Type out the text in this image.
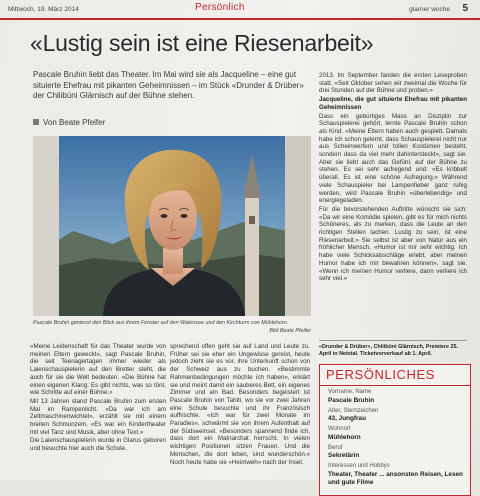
Mittwoch, 19. März 2014	Persönlich	glarner woche 5
«Lustig sein ist eine Riesenarbeit»

Pascale Bruhin liebt das Theater. Im Mai wird sie als Jacqueline – eine gut situierte Ehefrau mit pikanten Geheimnissen – im Stück «Drunder & Drüber» der Chliibüni Glärnisch auf der Bühne stehen.

Von Beate Pfeifer
Pascale Bruhin geniesst den Blick aus ihrem Fenster auf den Walensee und den Kirchturm von Mühlehorn.
Bild Beate Pfeifer

«Meine Leidenschaft für das Theater wurde von meinen Eltern geweckt», sagt Pascale Bruhin, die seit Teenagertagen immer wieder als Laienschauspielerin auf den Bretter steht, die auch für sie die Welt bedeuten. «Die Bühne hat einen eigenen Klang: Es gibt nichts, was so tönt, wie Schritte auf einer Bühne.»

Mit 13 Jahren stand Pascale Bruhin zum ersten Mal im Rampenlicht. «Da war ich am Zeltmaschinenwichtel», erzählt sie mit einem breiten Schmunzeln. «Es war ein Kindertheater mit viel Tanz und Musik, aber ohne Text.»

Die Laienschauspielerin wurde in Glarus geboren und besuchte hier auch die Schule.

sprechend offen geht sie auf Land und Leute zu. Früher sei sie eher ein Ungewisse gereist, heute jedoch zieht sie es vor, ihre Unterkunft schon von der Schweiz aus zu buchen. «Bestimmte Rahmenbedingungen möchte ich haben», erklärt sie und meint damit ein sauberes Bett, ein eigenes Zimmer und ein Bad. Besonders begeistert ist Pascale Bruhin von Tahiti, wo sie vor zwei Jahren eine Schule besuchte und ihr Französisch auffrischte. «Ich war für zwei Monate im Paradies», schwärmt sie von ihrem Aufenthalt auf der Südseeinsel. «Besonders spannend finde ich, dass dort ein Matriarchat herrscht. In vielen wichtigen Positionen sitzen Frauen. Und die Menschen, die dort leben, sind wunderschön.» Noch heute habe sie «Heimweh» nach der Insel.

2013. Im September fanden die ersten Leseproben statt. «Seit Oktober sehen wir zweimal die Woche für drei Stunden auf der Bühne und proben.»

Jacqueline, die gut situierte Ehefrau mit pikanten Geheimnissen

Dass ein gebürtiges Mass an Disziplin zur Schauspielerei gehört, lernte Pascale Bruhin schon als Kind. «Meine Eltern haben auch gespielt. Damals habe ich schon gelernt, dass Schauspielerei nicht nur aus Scheinwerfern und tollen Kostümen besteht, sondern dass da viel mehr dahintersteckt», sagt sie. Aber sie liebt auch das Gefühl, auf der Bühne zu stehen. Es sei sehr aufregend und: «Es kribbelt überall. Es ist eine schöne Aufregung.» Während viele Schauspieler bei Lampenfieber ganz ruhig werden, wird Pascale Bruhin «überlebendig» und energiegeladen.

Für die bevorstehenden Auftritte wünscht sie sich: «Da wir eine Komödie spielen, gibt es für mich nichts Schöneres, als zu merken, dass die Leute an den richtigen Stellen lachen. Lustig zu sein, ist eine Riesenarbeit.» Sie selbst ist aber von Natur aus ein fröhlicher Mensch. «Humor ist mir sehr wichtig. Ich habe viele Schicksalsschläge erlebt, aber meinen Humor habe ich mir bewahren können», sagt sie. «Wenn ich meinen Humor verliere, dann verliere ich sehr viel.»

«Drunder & Drüber», Chliibüni Glärnisch, Premiere 25. April in Netstal. Ticketvorverkauf ab 1. April.
PERSÖNLICHES
Vorname, Name
Pascale Bruhin
Alter, Sternzeichen
43, Jungfrau
Wohnort
Mühlehorn
Beruf
Sekretärin
Interessen und Hobbys
Theater, Theater ... ansonsten Reisen, Lesen und gute Filme
